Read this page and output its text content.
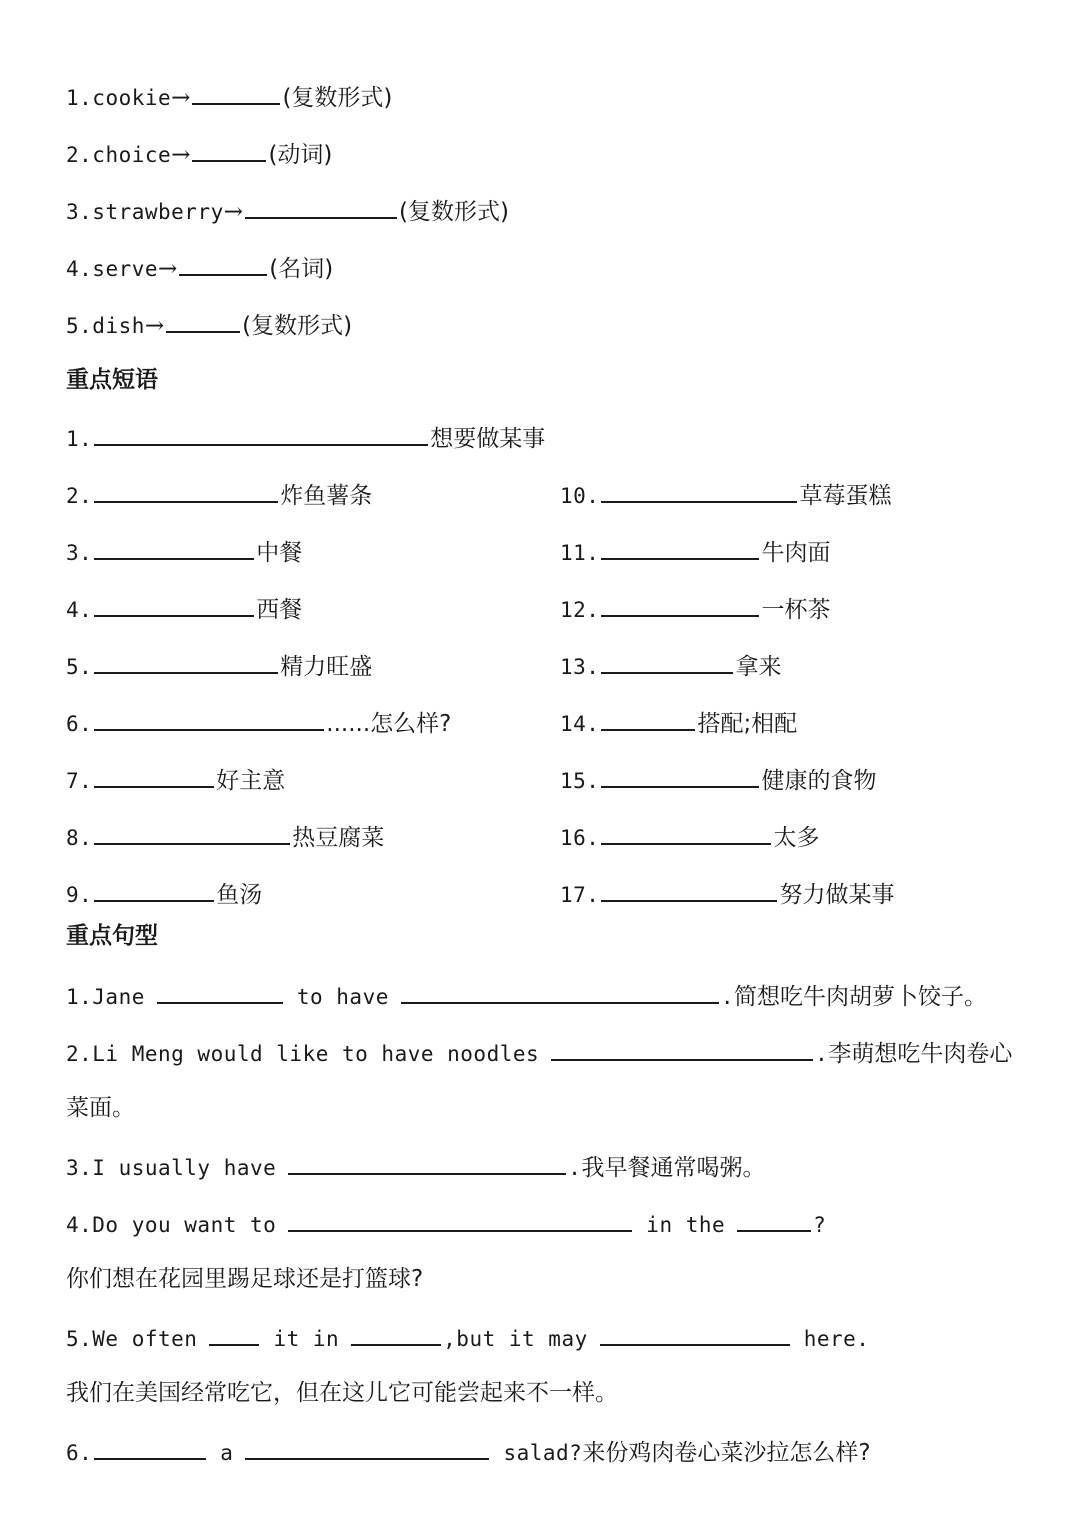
1.cookie→	(复数形式)
2.choice→	(动词)
3.strawberry→	(复数形式)
4.serve→	(名词)
5.dish→	(复数形式)
重点短语
1.	想要做某事
2.	炸鱼薯条
3.	中餐
4.	西餐
5.	精力旺盛
6.	......怎么样?
7.	好主意
8.	热豆腐菜
9.	鱼汤
10.	草莓蛋糕
11.	牛肉面
12.	一杯茶
13.	拿来
14.	搭配;相配
15.	健康的食物
16.	太多
17.	努力做某事
重点句型
1.Jane	to have	.简想吃牛肉胡萝卜饺子。
2.Li Meng would like to have noodles	.李萌想吃牛肉卷心
菜面。
3.I usually have	.我早餐通常喝粥。
4.Do you want to	in the	?
你们想在花园里踢足球还是打篮球?
5.We often	it in	,but it may	here.
我们在美国经常吃它，但在这儿它可能尝起来不一样。
6.	a	salad?来份鸡肉卷心菜沙拉怎么样?
